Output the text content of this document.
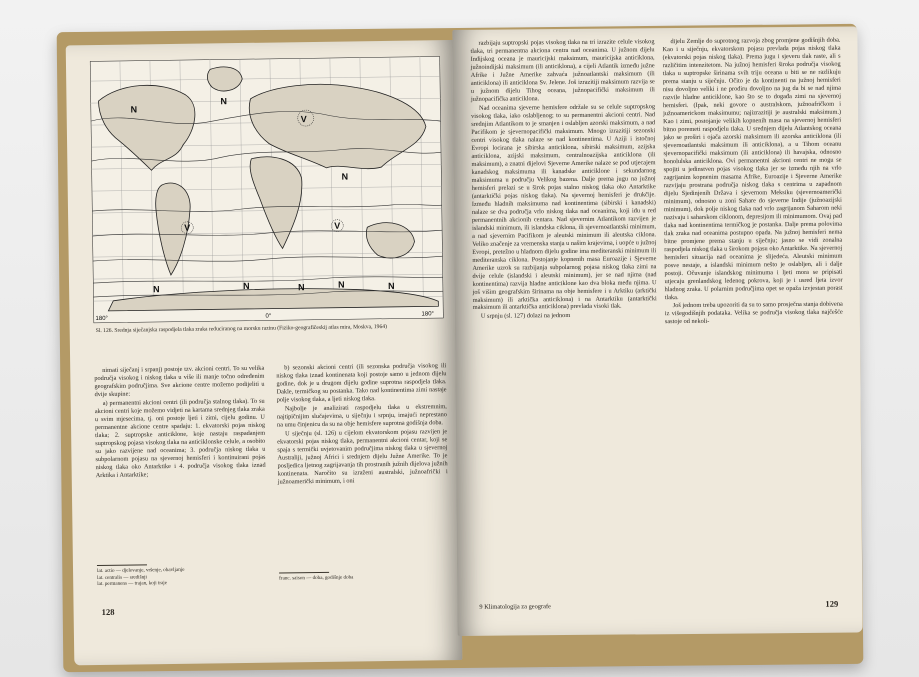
V
V	V
N
N
N
N	N	N	N	N
180°	0°	180°
Sl. 126. Srednja siječanjska raspodjela tlaka zraka reduciranog na morsku razinu (Fiziko-geografičeskij atlas mira, Moskva, 1964)

nimati siječanj i srpanj) postoje tzv. akcioni centri. To su velika područja visokog i niskog tlaka u više ili manje točno određenim geografskim područjima. Sve akcione centre možemo podijeliti u dvije skupine:

a) permanentni akcioni centri (ili područja stalnog tlaka). To su akcioni centri koje možemo vidjeti na kartama srednjeg tlaka zraka u svim mjesecima, tj. oni postoje ljeti i zimi, cijelu godinu. U permanentne akcione centre spadaju: 1. ekvatorski pojas niskog tlaka; 2. suptropske anticiklone, koje nastaju raspadanjem suptropskog pojasa visokog tlaka na anticiklonske celule, a osobito su jako razvijene nad oceanima; 3. područja niskog tlaka u subpolarnom pojasu na sjevernoj hemisferi i kontinuirani pojas niskog tlaka oko Antarktike i 4. područja visokog tlaka iznad Arktika i Antarktike;

b) sezonski akcioni centri (ili sezonska područja visokog ili niskog tlaka iznad kontinenata koji postoje samo u jednom dijelu godine, dok je u drugom dijelu godine suprotna raspodjela tlaka. Dakle, termičkog su postanka. Tako nad kontinentima zimi nastaje polje visokog tlaka, a ljeti niskog tlaka.

Najbolje je analizirati raspodjelu tlaka u ekstremnim, najtipičnijim slučajevima, u siječnju i srpnju, imajući neprestano na umu činjenicu da su na obje hemisfere suprotna godišnja doba.

U siječnju (sl. 126) u cijelom ekvatorskom pojasu razvijen je ekvatorski pojas niskog tlaka, permanentni akcioni centar, koji se spaja s termički uvjetovanim područjima niskog tlaka u sjevernoj Australiji, južnoj Africi i srednjem dijelu Južne Amerike. To je posljedica ljetnog zagrijavanja tih prostranih južnih dijelova južnih kontinenata. Naročito su izraženi australski, južnoafrički i južnoamerički minimum, i oni

lat. actio — djelovanje, vršenje, obavljanje
lat. centralis — središnji
lat. permanens — trajan, koji traje
franc. saison — doba, godišnje doba
128

razbijaju suptropski pojas visokog tlaka na tri izrazite celule visokog tlaka, tri permanentna akciona centra nad oceanima. U južnom dijelu Indijskog oceana je mauricijski maksimum, mauricijska anticiklona, južnoindijski maksimum (ili anticiklona), a cijeli Atlantik između južne Afrike i Južne Amerike zahvaća južnoatlantski maksimum (ili anticiklona) ili anticiklona Sv. Jelene. Još izrazitiji maksimum razvija se u južnom dijelu Tihog oceana, južnopacifički maksimum ili južnopacifička anticiklona.

Nad oceanima sjeverne hemisfere održale su se celule suptropskog visokog tlaka, iako oslabljenog; to su permanentni akcioni centri. Nad srednjim Atlantikom to je smanjen i oslabljen azorski maksimum, a nad Pacifikom je sjevernopacifički maksimum. Mnogo izrazitiji sezonski centri visokog tlaka nalaze se nad kontinentima. U Aziji i istočnoj Evropi locirana je sibirska anticiklona, sibirski maksimum, azijska anticiklona, azijski maksimum, centralnoazijska anticiklona (ili maksimum), a znatni dijelovi Sjeverne Amerike nalaze se pod utjecajem kanadskog maksimuma ili kanadske anticiklone i sekundarnog maksimuma u području Velikog bazena. Dalje prema jugu na južnoj hemisferi prelazi se u širok pojas stalno niskog tlaka oko Antarktike (antarktički pojas niskog tlaka). Na sjevernoj hemisferi je drukčije. Između hladnih maksimuma nad kontinentima (sibirski i kanadski) nalaze se dva područja vrlo niskog tlaka nad oceanima, koji idu u red permanentnih akcionih centara. Nad sjevernim Atlantikom razvijen je islandski minimum, ili islandska ciklona, ili sjevernoatlantski minimum, a nad sjevernim Pacifikom je aleutski minimum ili aleutska ciklona. Veliko značenje za vremenska stanja u našim krajevima, i uopće u južnoj Evropi, pretežno u hladnom dijelu godine ima mediteranski minimum ili mediteranska ciklona. Postojanje kopnenih masa Euroazije i Sjeverne Amerike uzrok su razbijanja subpolarnog pojasa niskog tlaka zimi na dvije celule (islandski i aleutski minimum), jer se nad njima (nad kontinentima) razvija hladne anticiklone kao dva bloka među njima. U još višim geografskim širinama na obje hemisfere i u Arktiku (arktički maksimum) ili arktička anticiklona) i na Antarktiku (antarktički maksimum ili antarktička anticiklona) prevlada visoki tlak.

U srpnju (sl. 127) dolazi na jednom

dijelu Zemlje do suprotnog razvoja zbog promjene godišnjih doba. Kao i u siječnju, ekvatorskom pojasu prevlada pojas niskog tlaka (ekvatorski pojas niskog tlaka). Prema jugu i sjeveru tlak raste, ali s različitim intenzitetom. Na južnoj hemisferi široka područja visokog tlaka u suptropske širinama svih triju oceana u biti se ne razlikuju prema stanju u siječnju. Očito je da kontinenti na južnoj hemisferi nisu dovoljno veliki i ne prodiru dovoljno na jug da bi se nad njima razvile hladne anticiklone, kao što se to događa zimi na sjevernoj hemisferi. (Ipak, neki govore o australskom, južnoafričkom i južnoamerickom maksimumu; najizrazitiji je australski maksimum.) Kao i zimi, postojanje velikih kopnenih masa na sjevernoj hemisferi bitno poremeti raspodjelu tlaka. U srednjem dijelu Atlantskog oceana jako se proširi i ojača azorski maksimum ili azorska anticiklona (ili sjevernoatlantski maksimum ili anticiklona), a u Tihom oceanu sjevernopacifički maksimum (ili anticiklona) ili havajska, odnosno honolulska anticiklona. Ovi permanentni akcioni centri ne mogu se spojiti u jedinstven pojas visokog tlaka jer se između njih na vrlo zagrijanim kopnenim masama Afrike, Euroazije i Sjeverne Amerike razvijaju prostrana područja niskog tlaka s centrima u zapadnom dijelu Sjedinjenih Država i sjevernom Meksiku (sjevernoamerički minimum), odnosno u zoni Sahare do sjeverne Indije (južnoazijski minimum), dok polje niskog tlaka nad vrlo zagrijanom Saharom neki nazivaju i saharskom ciklonom, depresijom ili minimumom. Ovaj pad tlaka nad kontinentima termičkog je postanka. Dalje prema polovima tlak zraka nad oceanima postupno opada. Na južnoj hemisferi nema bitne promjene prema stanju u siječnju; jasno se vidi zonalna raspodjela niskog tlaka u širokom pojasu oko Antarktike. Na sjevernoj hemisferi situacija nad oceanima je slijedeća. Aleutski minimum posve nestaje, a islandski minimum nešto je oslabljen, ali i dalje postoji. Očuvanje islandskog minimuma i ljeti mora se pripisati utjecaju grenlandskog ledenog pokrova, koji je i usred ljeta izvor hladnog zraka. U polarnim područjima opet se opaža izvjestan porast tlaka.

Još jednom treba upozoriti da su to samo prosječna stanja dobivena iz višegodišnjih podataka. Velika se područja visokog tlaka najčešće sastoje od nekoli-

9 Klimatologija za geografe	129
